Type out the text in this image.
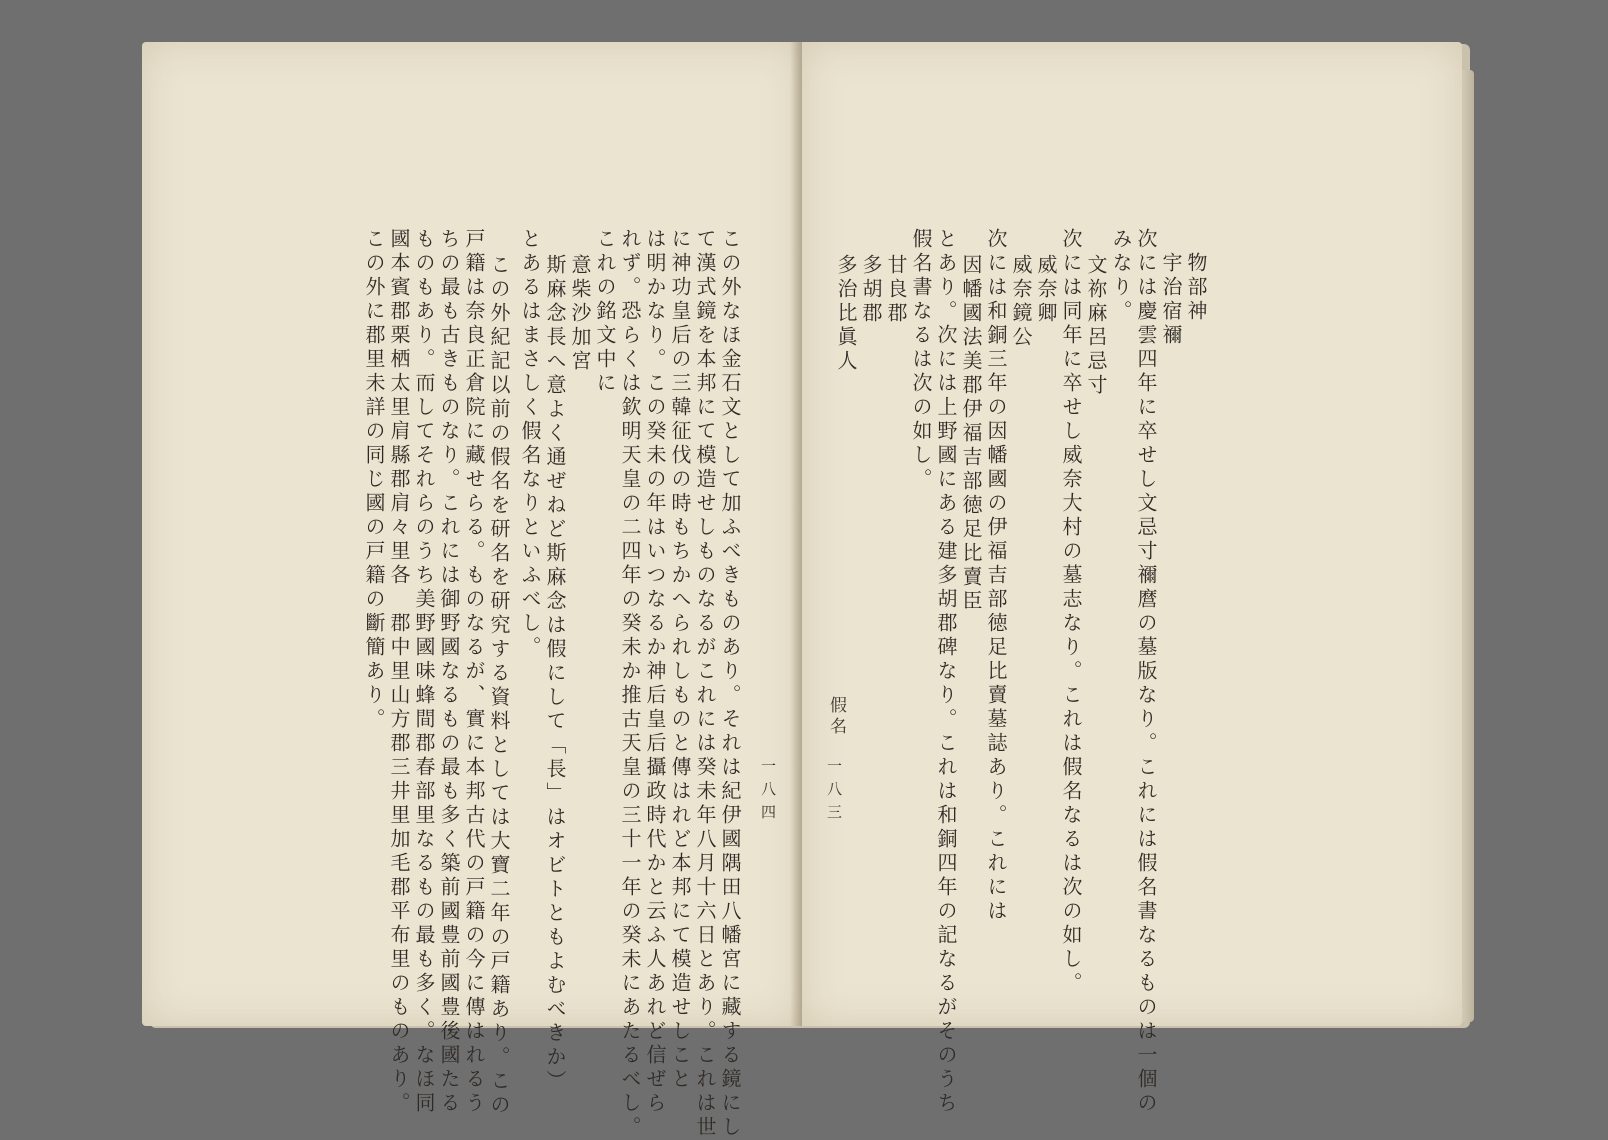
この外なほ金石文として加ふべきものあり。それは紀伊國隅田八幡宮に藏する鏡にし
て漢式鏡を本邦にて模造せしものなるがこれには癸未年八月十六日とあり。これは世
に神功皇后の三韓征伐の時もちかへられしものと傳はれど本邦にて模造せしこと
は明かなり。この癸未の年はいつなるか神后皇后攝政時代かと云ふ人あれど信ぜら
れず。恐らくは欽明天皇の二四年の癸未か推古天皇の三十一年の癸未にあたるべし。
これの銘文中に
意柴沙加宮
斯麻念長へ意よく通ぜねど斯麻念は假にして「長」はオビトともよむべきか）
とあるはまさしく假名なりといふべし。
この外紀記以前の假名を研名を研究する資料としては大寶二年の戸籍あり。この
戸籍は奈良正倉院に藏せらる。ものなるが、實に本邦古代の戸籍の今に傳はれるう
ちの最も古きものなり。これには御野國なるもの最も多く築前國豊前國豊後國たる
ものもあり。而してそれらのうち美野國味蜂間郡春部里なるもの最も多く。なほ同
國本賓郡栗栖太里肩縣郡肩々里各　郡中里山方郡三井里加毛郡平布里のものあり。
この外に郡里未詳の同じ國の戸籍の斷簡あり。
一八四
物部神
宇治宿禰
次には慶雲四年に卒せし文忌寸禰麿の墓版なり。これには假名書なるものは一個の
みなり。
文祢麻呂忌寸
次には同年に卒せし威奈大村の墓志なり。これは假名なるは次の如し。
威奈卿
威奈鏡公
次には和銅三年の因幡國の伊福吉部徳足比賣墓誌あり。これには
因幡國法美郡伊福吉部徳足比賣臣
とあり。次には上野國にある建多胡郡碑なり。これは和銅四年の記なるがそのうち
假名書なるは次の如し。
甘良郡
多胡郡
多治比眞人
假名
一八三
